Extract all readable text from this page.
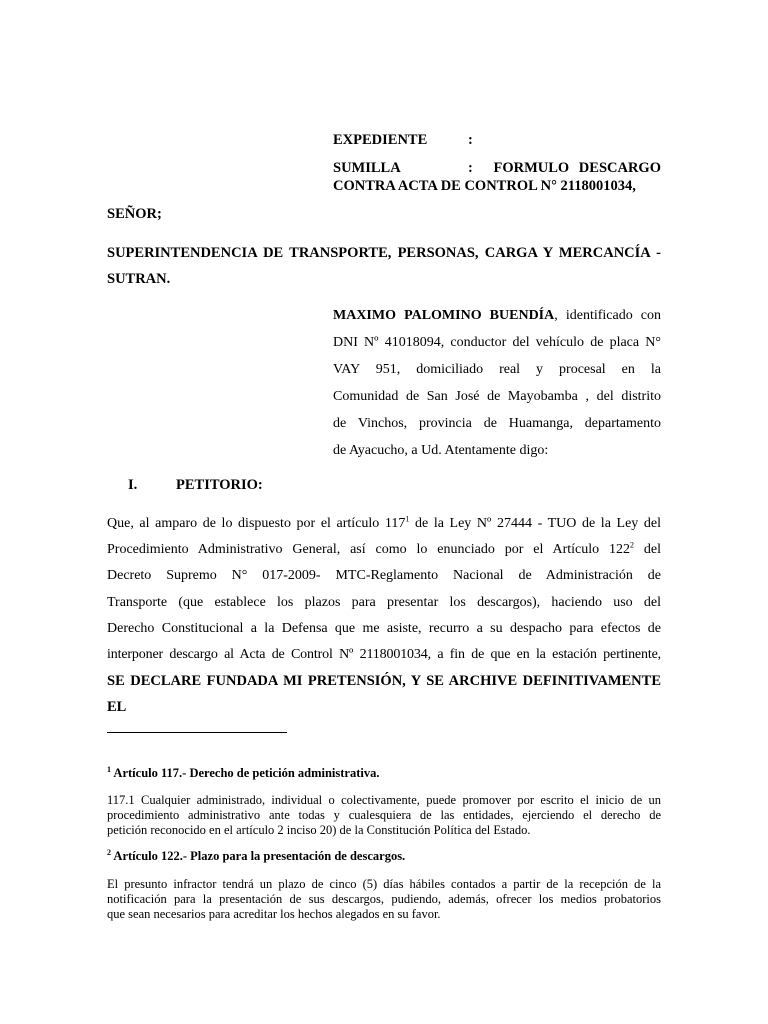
EXPEDIENTE	:
SUMILLA	: FORMULO DESCARGO
CONTRA ACTA DE CONTROL N° 2118001034,
SEÑOR;
SUPERINTENDENCIA DE TRANSPORTE, PERSONAS, CARGA Y MERCANCÍA -
SUTRAN.
MAXIMO PALOMINO BUENDÍA, identificado con
DNI Nº 41018094, conductor del vehículo de placa N°
VAY 951, domiciliado real y procesal en la
Comunidad de San José de Mayobamba , del distrito
de Vinchos, provincia de Huamanga, departamento
de Ayacucho, a Ud. Atentamente digo:
I.	PETITORIO:
Que, al amparo de lo dispuesto por el artículo $117^1$ de la Ley Nº 27444 - TUO de la Ley del
Procedimiento Administrativo General, así como lo enunciado por el Artículo $122^2$ del
Decreto Supremo N° 017-2009- MTC-Reglamento Nacional de Administración de
Transporte (que establece los plazos para presentar los descargos), haciendo uso del
Derecho Constitucional a la Defensa que me asiste, recurro a su despacho para efectos de
interponer descargo al Acta de Control Nº 2118001034, a fin de que en la estación pertinente,
SE DECLARE FUNDADA MI PRETENSIÓN, Y SE ARCHIVE DEFINITIVAMENTE EL
$^1$ Artículo 117.- Derecho de petición administrativa.
117.1 Cualquier administrado, individual o colectivamente, puede promover por escrito el inicio de un
procedimiento administrativo ante todas y cualesquiera de las entidades, ejerciendo el derecho de
petición reconocido en el artículo 2 inciso 20) de la Constitución Política del Estado.
$^2$ Artículo 122.- Plazo para la presentación de descargos.
El presunto infractor tendrá un plazo de cinco (5) días hábiles contados a partir de la recepción de la
notificación para la presentación de sus descargos, pudiendo, además, ofrecer los medios probatorios
que sean necesarios para acreditar los hechos alegados en su favor.
